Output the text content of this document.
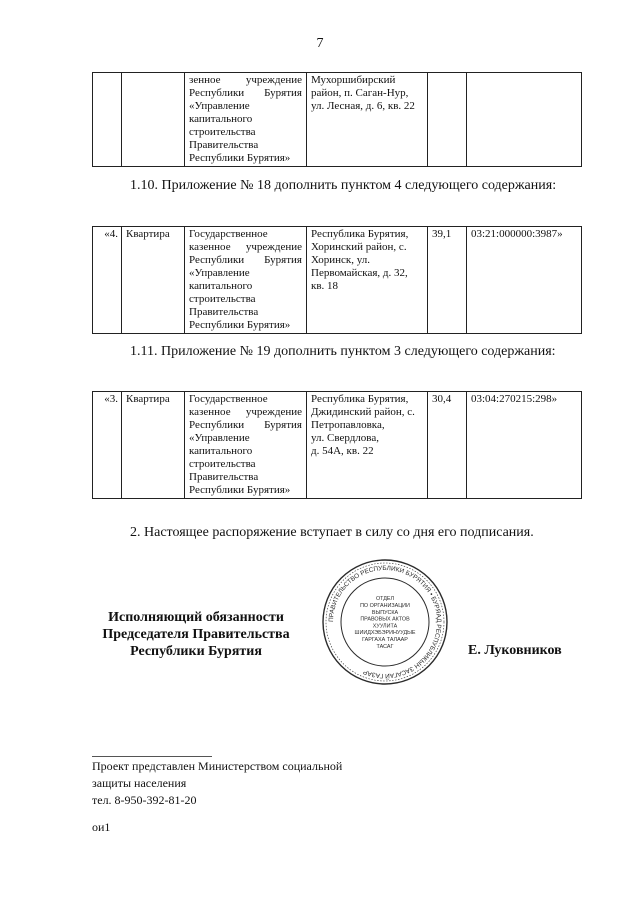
7
		зенное учреждение Республики Бурятия «Управление капитального строительства Правительства Республики Бурятия»	Мухоршибирский район, п. Саган-Нур, ул. Лесная, д. 6, кв. 22		
1.10. Приложение № 18 дополнить пунктом 4 следующего содержания:
«4.	Квартира	Государственное казенное учреждение Республики Бурятия «Управление капитального строительства Правительства Республики Бурятия»	Республика Бурятия, Хоринский район, с. Хоринск, ул. Первомайская, д. 32, кв. 18	39,1	03:21:000000:3987»
1.11. Приложение № 19 дополнить пунктом 3 следующего содержания:
«3.	Квартира	Государственное казенное учреждение Республики Бурятия «Управление капитального строительства Правительства Республики Бурятия»	Республика Бурятия, Джидинский район, с. Петропавловка,
ул. Свердлова,
д. 54А, кв. 22	30,4	03:04:270215:298»
2. Настоящее распоряжение вступает в силу со дня его подписания.
Исполняющий обязанности
Председателя Правительства
Республики Бурятия
ПРАВИТЕЛЬСТВО РЕСПУБЛИКИ БУРЯТИЯ • БУРЯАД РЕСПУБЛИКЫН ЗАСАГАЙ ГАЗАР
ОТДЕЛ
ПО ОРГАНИЗАЦИИ
ВЫПУСКА
ПРАВОВЫХ АКТОВ
ХУУЛИТА
ШИИДХЭБЭРИНУУДЫЕ
ГАРГАХА ТАЛААР
ТАСАГ	Е. Луковников
Проект представлен Министерством социальной
защиты населения
тел. 8-950-392-81-20
ои1
